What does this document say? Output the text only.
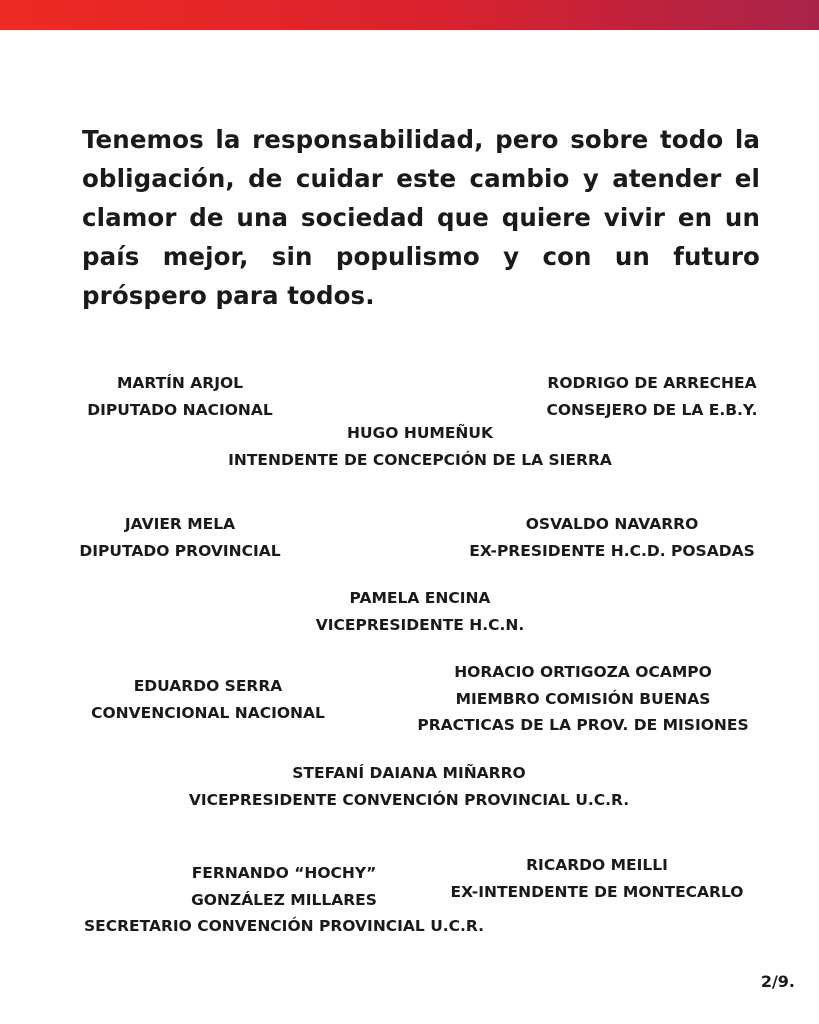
Tenemos la responsabilidad, pero sobre todo la obligación, de cuidar este cambio y atender el clamor de una sociedad que quiere vivir en un país mejor, sin populismo y con un futuro próspero para todos.

MARTÍN ARJOL
DIPUTADO NACIONAL
RODRIGO DE ARRECHEA
CONSEJERO DE LA E.B.Y.
HUGO HUMEÑUK
INTENDENTE DE CONCEPCIÓN DE LA SIERRA
JAVIER MELA
DIPUTADO PROVINCIAL
OSVALDO NAVARRO
EX-PRESIDENTE H.C.D. POSADAS
PAMELA ENCINA
VICEPRESIDENTE H.C.N.
EDUARDO SERRA
CONVENCIONAL NACIONAL
HORACIO ORTIGOZA OCAMPO
MIEMBRO COMISIÓN BUENAS
PRACTICAS DE LA PROV. DE MISIONES
STEFANÍ DAIANA MIÑARRO
VICEPRESIDENTE CONVENCIÓN PROVINCIAL U.C.R.
FERNANDO “HOCHY”
GONZÁLEZ MILLARES
SECRETARIO CONVENCIÓN PROVINCIAL U.C.R.
RICARDO MEILLI
EX-INTENDENTE DE MONTECARLO
2/9.
